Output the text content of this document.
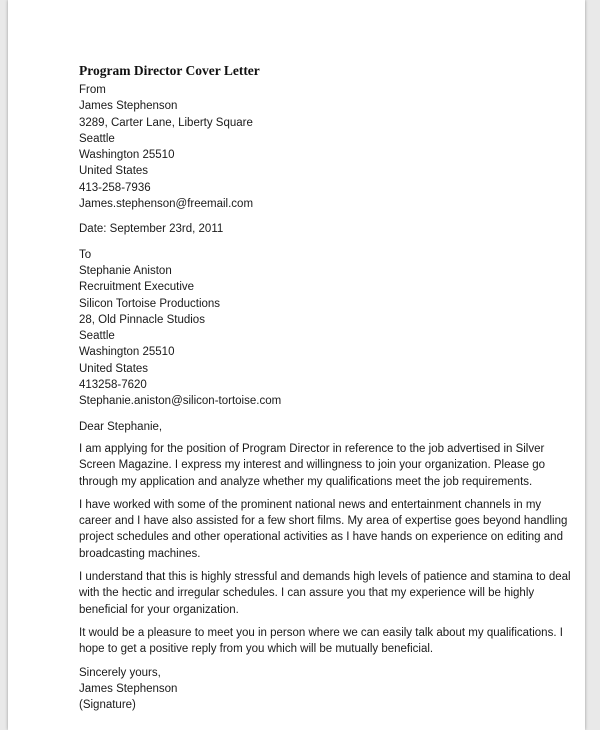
Program Director Cover Letter
From
James Stephenson
3289, Carter Lane, Liberty Square
Seattle
Washington 25510
United States
413-258-7936
James.stephenson@freemail.com
Date: September 23rd, 2011
To
Stephanie Aniston
Recruitment Executive
Silicon Tortoise Productions
28, Old Pinnacle Studios
Seattle
Washington 25510
United States
413258-7620
Stephanie.aniston@silicon-tortoise.com
Dear Stephanie,

I am applying for the position of Program Director in reference to the job advertised in Silver
Screen Magazine. I express my interest and willingness to join your organization. Please go
through my application and analyze whether my qualifications meet the job requirements.

I have worked with some of the prominent national news and entertainment channels in my
career and I have also assisted for a few short films. My area of expertise goes beyond handling
project schedules and other operational activities as I have hands on experience on editing and
broadcasting machines.

I understand that this is highly stressful and demands high levels of patience and stamina to deal
with the hectic and irregular schedules. I can assure you that my experience will be highly
beneficial for your organization.

It would be a pleasure to meet you in person where we can easily talk about my qualifications. I
hope to get a positive reply from you which will be mutually beneficial.

Sincerely yours,
James Stephenson
(Signature)
